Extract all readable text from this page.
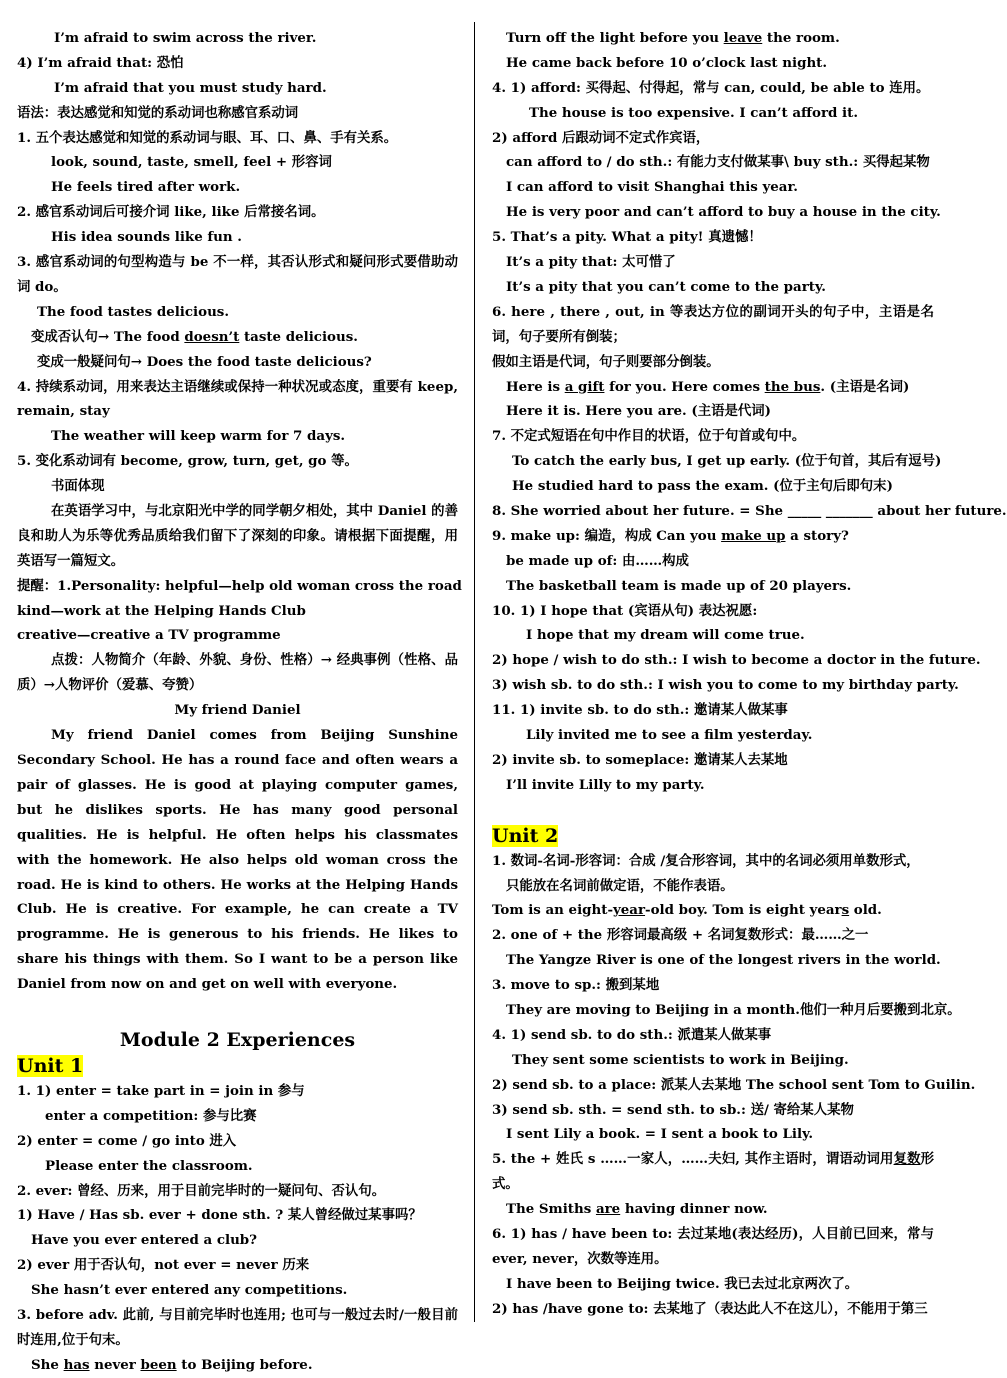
I’m afraid to swim across the river.
4) I’m afraid that: 恐怕
I’m afraid that you must study hard.
语法：表达感觉和知觉的系动词也称感官系动词
1. 五个表达感觉和知觉的系动词与眼、耳、口、鼻、手有关系。
look, sound, taste, smell, feel + 形容词
He feels tired after work.
2. 感官系动词后可接介词 like, like 后常接名词。
His idea sounds like fun .
3. 感官系动词的句型构造与 be 不一样，其否认形式和疑问形式要借助动词 do。
The food tastes delicious.
变成否认句→ The food doesn’t taste delicious.
变成一般疑问句→ Does the food taste delicious?
4. 持续系动词，用来表达主语继续或保持一种状况或态度，重要有 keep, remain, stay
The weather will keep warm for 7 days.
5. 变化系动词有 become, grow, turn, get, go 等。
书面体现
在英语学习中，与北京阳光中学的同学朝夕相处，其中 Daniel 的善良和助人为乐等优秀品质给我们留下了深刻的印象。请根据下面提醒，用英语写一篇短文。
提醒：1.Personality: helpful—help old woman cross the road
kind—work at the Helping Hands Club
creative—creative a TV programme
点拨：人物简介（年龄、外貌、身份、性格）→ 经典事例（性格、品质）→人物评价（爱慕、夸赞）
My friend Daniel
My friend Daniel comes from Beijing Sunshine Secondary School. He has a round face and often wears a pair of glasses. He is good at playing computer games, but he dislikes sports. He has many good personal qualities. He is helpful. He often helps his classmates with the homework. He also helps old woman cross the road. He is kind to others. He works at the Helping Hands Club. He is creative. For example, he can create a TV programme. He is generous to his friends. He likes to share his things with them. So I want to be a person like Daniel from now on and get on well with everyone.
Module 2 Experiences
Unit 1
1. 1) enter = take part in = join in 参与
enter a competition: 参与比赛
2) enter = come / go into 进入
Please enter the classroom.
2. ever: 曾经、历来，用于目前完毕时的一疑问句、否认句。
1) Have / Has sb. ever + done sth. ? 某人曾经做过某事吗？
Have you ever entered a club?
2) ever 用于否认句，not ever = never 历来
She hasn’t ever entered any competitions.
3. before adv. 此前, 与目前完毕时也连用; 也可与一般过去时/一般目前时连用,位于句末。
She has never been to Beijing before.
Turn off the light before you leave the room.
He came back before 10 o’clock last night.
4. 1) afford: 买得起、付得起，常与 can, could, be able to 连用。
The house is too expensive. I can’t afford it.
2) afford 后跟动词不定式作宾语，
can afford to / do sth.: 有能力支付做某事\ buy sth.: 买得起某物
I can afford to visit Shanghai this year.
He is very poor and can’t afford to buy a house in the city.
5. That’s a pity. What a pity! 真遗憾！
It’s a pity that: 太可惜了
It’s a pity that you can’t come to the party.
6. here , there , out, in 等表达方位的副词开头的句子中，主语是名词，句子要所有倒装；
假如主语是代词，句子则要部分倒装。
Here is a gift for you. Here comes the bus. (主语是名词)
Here it is. Here you are. (主语是代词)
7. 不定式短语在句中作目的状语，位于句首或句中。
To catch the early bus, I get up early. (位于句首，其后有逗号)
He studied hard to pass the exam. (位于主句后即句末)
8. She worried about her future. = She _____ _______ about her future.
9. make up: 编造，构成 Can you make up a story?
be made up of: 由……构成
The basketball team is made up of 20 players.
10. 1) I hope that (宾语从句) 表达祝愿:
I hope that my dream will come true.
2) hope / wish to do sth.: I wish to become a doctor in the future.
3) wish sb. to do sth.: I wish you to come to my birthday party.
11. 1) invite sb. to do sth.: 邀请某人做某事
Lily invited me to see a film yesterday.
2) invite sb. to someplace: 邀请某人去某地
I’ll invite Lilly to my party.
Unit 2
1. 数词-名词-形容词：合成 /复合形容词，其中的名词必须用单数形式，
只能放在名词前做定语，不能作表语。
Tom is an eight-year-old boy. Tom is eight years old.
2. one of + the 形容词最高级 + 名词复数形式：最……之一
The Yangze River is one of the longest rivers in the world.
3. move to sp.: 搬到某地
They are moving to Beijing in a month.他们一种月后要搬到北京。
4. 1) send sb. to do sth.: 派遣某人做某事
They sent some scientists to work in Beijing.
2) send sb. to a place: 派某人去某地 The school sent Tom to Guilin.
3) send sb. sth. = send sth. to sb.: 送/ 寄给某人某物
I sent Lily a book. = I sent a book to Lily.
5. the + 姓氏 s ……一家人，……夫妇, 其作主语时，谓语动词用复数形式。
The Smiths are having dinner now.
6. 1) has / have been to: 去过某地(表达经历)，人目前已回来，常与 ever, never，次数等连用。
I have been to Beijing twice. 我已去过北京两次了。
2) has /have gone to: 去某地了（表达此人不在这儿），不能用于第三
